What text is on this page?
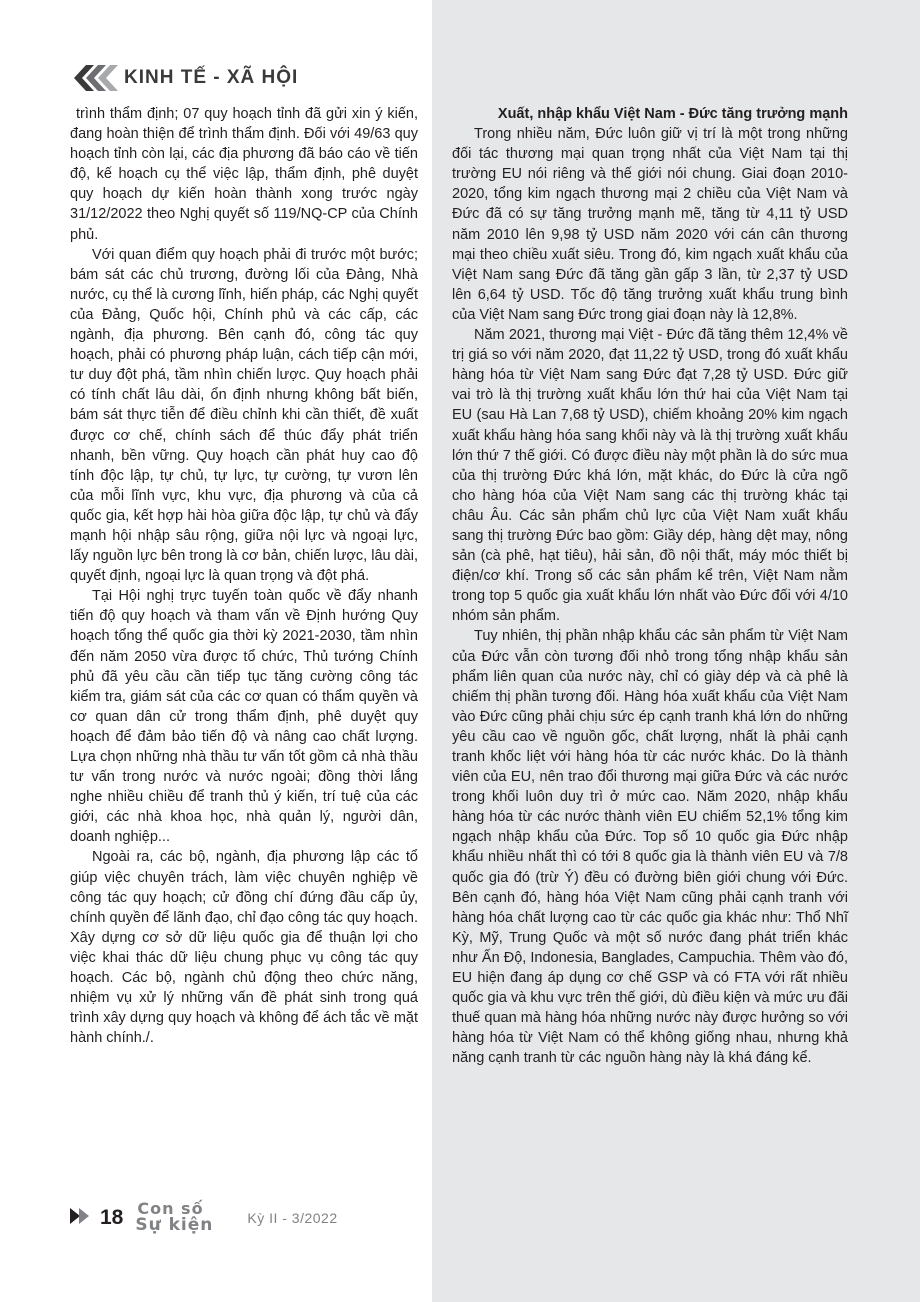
KINH TẾ - XÃ HỘI

trình thẩm định; 07 quy hoạch tỉnh đã gửi xin ý kiến, đang hoàn thiện để trình thẩm định. Đối với 49/63 quy hoạch tỉnh còn lại, các địa phương đã báo cáo về tiến độ, kế hoạch cụ thể việc lập, thẩm định, phê duyệt quy hoạch dự kiến hoàn thành xong trước ngày 31/12/2022 theo Nghị quyết số 119/NQ-CP của Chính phủ.

Với quan điểm quy hoạch phải đi trước một bước; bám sát các chủ trương, đường lối của Đảng, Nhà nước, cụ thể là cương lĩnh, hiến pháp, các Nghị quyết của Đảng, Quốc hội, Chính phủ và các cấp, các ngành, địa phương. Bên cạnh đó, công tác quy hoạch, phải có phương pháp luận, cách tiếp cận mới, tư duy đột phá, tầm nhìn chiến lược. Quy hoạch phải có tính chất lâu dài, ổn định nhưng không bất biến, bám sát thực tiễn để điều chỉnh khi cần thiết, đề xuất được cơ chế, chính sách để thúc đẩy phát triển nhanh, bền vững. Quy hoạch cần phát huy cao độ tính độc lập, tự chủ, tự lực, tự cường, tự vươn lên của mỗi lĩnh vực, khu vực, địa phương và của cả quốc gia, kết hợp hài hòa giữa độc lập, tự chủ và đẩy mạnh hội nhập sâu rộng, giữa nội lực và ngoại lực, lấy nguồn lực bên trong là cơ bản, chiến lược, lâu dài, quyết định, ngoại lực là quan trọng và đột phá.

Tại Hội nghị trực tuyến toàn quốc về đẩy nhanh tiến độ quy hoạch và tham vấn về Định hướng Quy hoạch tổng thể quốc gia thời kỳ 2021-2030, tầm nhìn đến năm 2050 vừa được tổ chức, Thủ tướng Chính phủ đã yêu cầu cần tiếp tục tăng cường công tác kiểm tra, giám sát của các cơ quan có thẩm quyền và cơ quan dân cử trong thẩm định, phê duyệt quy hoạch để đảm bảo tiến độ và nâng cao chất lượng. Lựa chọn những nhà thầu tư vấn tốt gồm cả nhà thầu tư vấn trong nước và nước ngoài; đồng thời lắng nghe nhiều chiều để tranh thủ ý kiến, trí tuệ của các giới, các nhà khoa học, nhà quản lý, người dân, doanh nghiệp...

Ngoài ra, các bộ, ngành, địa phương lập các tổ giúp việc chuyên trách, làm việc chuyên nghiệp về công tác quy hoạch; cử đồng chí đứng đầu cấp ủy, chính quyền để lãnh đạo, chỉ đạo công tác quy hoạch. Xây dựng cơ sở dữ liệu quốc gia để thuận lợi cho việc khai thác dữ liệu chung phục vụ công tác quy hoạch. Các bộ, ngành chủ động theo chức năng, nhiệm vụ xử lý những vấn đề phát sinh trong quá trình xây dựng quy hoạch và không để ách tắc về mặt hành chính./.

Xuất, nhập khẩu Việt Nam - Đức tăng trưởng mạnh

Trong nhiều năm, Đức luôn giữ vị trí là một trong những đối tác thương mại quan trọng nhất của Việt Nam tại thị trường EU nói riêng và thế giới nói chung. Giai đoạn 2010-2020, tổng kim ngạch thương mại 2 chiều của Việt Nam và Đức đã có sự tăng trưởng mạnh mẽ, tăng từ 4,11 tỷ USD năm 2010 lên 9,98 tỷ USD năm 2020 với cán cân thương mại theo chiều xuất siêu. Trong đó, kim ngạch xuất khẩu của Việt Nam sang Đức đã tăng gần gấp 3 lần, từ 2,37 tỷ USD lên 6,64 tỷ USD. Tốc độ tăng trưởng xuất khẩu trung bình của Việt Nam sang Đức trong giai đoạn này là 12,8%.

Năm 2021, thương mại Việt - Đức đã tăng thêm 12,4% về trị giá so với năm 2020, đạt 11,22 tỷ USD, trong đó xuất khẩu hàng hóa từ Việt Nam sang Đức đạt 7,28 tỷ USD. Đức giữ vai trò là thị trường xuất khẩu lớn thứ hai của Việt Nam tại EU (sau Hà Lan 7,68 tỷ USD), chiếm khoảng 20% kim ngạch xuất khẩu hàng hóa sang khối này và là thị trường xuất khẩu lớn thứ 7 thế giới. Có được điều này một phần là do sức mua của thị trường Đức khá lớn, mặt khác, do Đức là cửa ngõ cho hàng hóa của Việt Nam sang các thị trường khác tại châu Âu. Các sản phẩm chủ lực của Việt Nam xuất khẩu sang thị trường Đức bao gồm: Giầy dép, hàng dệt may, nông sản (cà phê, hạt tiêu), hải sản, đồ nội thất, máy móc thiết bị điện/cơ khí. Trong số các sản phẩm kể trên, Việt Nam nằm trong top 5 quốc gia xuất khẩu lớn nhất vào Đức đối với 4/10 nhóm sản phẩm.

Tuy nhiên, thị phần nhập khẩu các sản phẩm từ Việt Nam của Đức vẫn còn tương đối nhỏ trong tổng nhập khẩu sản phẩm liên quan của nước này, chỉ có giày dép và cà phê là chiếm thị phần tương đối. Hàng hóa xuất khẩu của Việt Nam vào Đức cũng phải chịu sức ép cạnh tranh khá lớn do những yêu cầu cao về nguồn gốc, chất lượng, nhất là phải cạnh tranh khốc liệt với hàng hóa từ các nước khác. Do là thành viên của EU, nên trao đổi thương mại giữa Đức và các nước trong khối luôn duy trì ở mức cao. Năm 2020, nhập khẩu hàng hóa từ các nước thành viên EU chiếm 52,1% tổng kim ngạch nhập khẩu của Đức. Top số 10 quốc gia Đức nhập khẩu nhiều nhất thì có tới 8 quốc gia là thành viên EU và 7/8 quốc gia đó (trừ Ý) đều có đường biên giới chung với Đức. Bên cạnh đó, hàng hóa Việt Nam cũng phải cạnh tranh với hàng hóa chất lượng cao từ các quốc gia khác như: Thổ Nhĩ Kỳ, Mỹ, Trung Quốc và một số nước đang phát triển khác như Ấn Độ, Indonesia, Banglades, Campuchia. Thêm vào đó, EU hiện đang áp dụng cơ chế GSP và có FTA với rất nhiều quốc gia và khu vực trên thế giới, dù điều kiện và mức ưu đãi thuế quan mà hàng hóa những nước này được hưởng so với hàng hóa từ Việt Nam có thể không giống nhau, nhưng khả năng cạnh tranh từ các nguồn hàng này là khá đáng kể.

18 Con số
Sự kiện Kỳ II - 3/2022
